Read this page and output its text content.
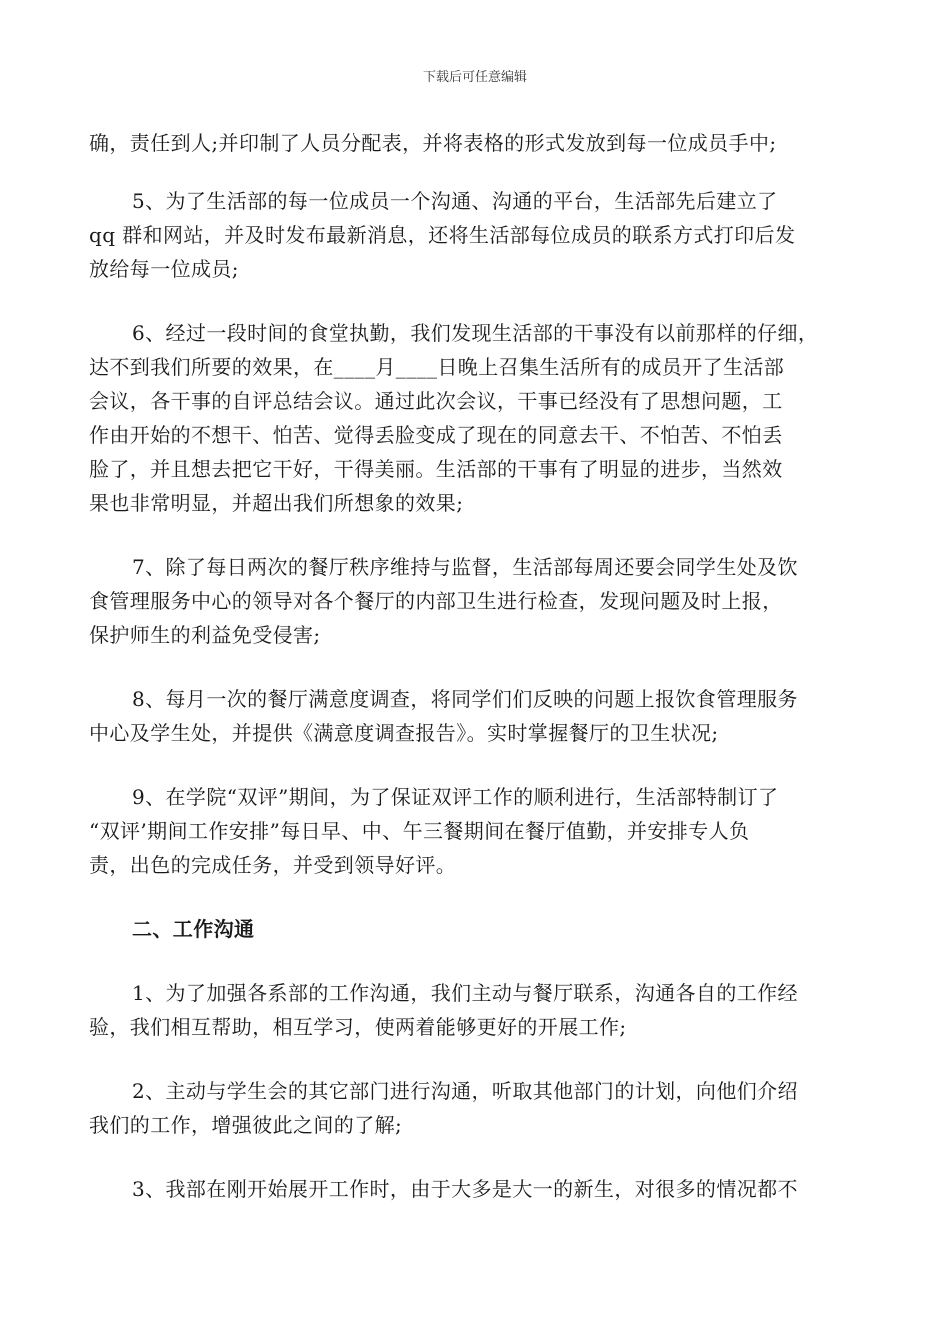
下载后可任意编辑
确，责任到人;并印制了人员分配表，并将表格的形式发放到每一位成员手中;
5、为了生活部的每一位成员一个沟通、沟通的平台，生活部先后建立了
qq 群和网站，并及时发布最新消息，还将生活部每位成员的联系方式打印后发
放给每一位成员;
6、经过一段时间的食堂执勤，我们发现生活部的干事没有以前那样的仔细，
达不到我们所要的效果，在____月____日晚上召集生活所有的成员开了生活部
会议，各干事的自评总结会议。通过此次会议，干事已经没有了思想问题，工
作由开始的不想干、怕苦、觉得丢脸变成了现在的同意去干、不怕苦、不怕丢
脸了，并且想去把它干好，干得美丽。生活部的干事有了明显的进步，当然效
果也非常明显，并超出我们所想象的效果;
7、除了每日两次的餐厅秩序维持与监督，生活部每周还要会同学生处及饮
食管理服务中心的领导对各个餐厅的内部卫生进行检查，发现问题及时上报，
保护师生的利益免受侵害;
8、每月一次的餐厅满意度调查，将同学们们反映的问题上报饮食管理服务
中心及学生处，并提供《满意度调查报告》。实时掌握餐厅的卫生状况;
9、在学院“双评”期间，为了保证双评工作的顺利进行，生活部特制订了
“双评’期间工作安排”每日早、中、午三餐期间在餐厅值勤，并安排专人负
责，出色的完成任务，并受到领导好评。
二、工作沟通
1、为了加强各系部的工作沟通，我们主动与餐厅联系，沟通各自的工作经
验，我们相互帮助，相互学习，使两着能够更好的开展工作;
2、主动与学生会的其它部门进行沟通，听取其他部门的计划，向他们介绍
我们的工作，增强彼此之间的了解;
3、我部在刚开始展开工作时，由于大多是大一的新生，对很多的情况都不
